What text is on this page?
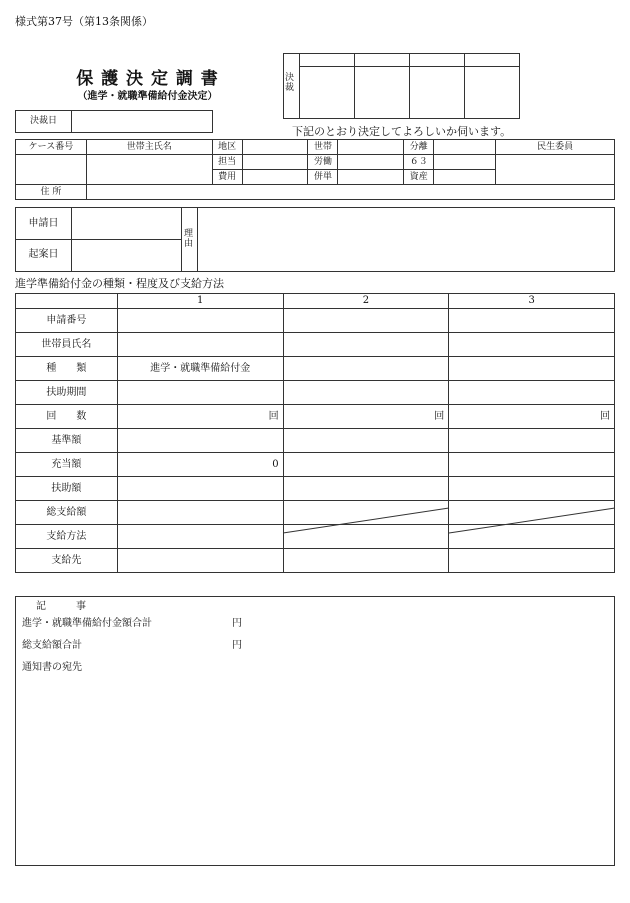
様式第37号（第13条関係）
保 護 決 定 調 書
（進学・就職準備給付金決定）
決裁
決裁日
下記のとおり決定してよろしいか伺います。
ケース番号	世帯主氏名	地区		世帯		分離		民生委員
		担当		労働		６３		
		費用		併単		資産		
住 所								
申請日
起案日
理由
進学準備給付金の種類・程度及び支給方法
	1	2	3
申請番号			
世帯員氏名			
種　　類	進学・就職準備給付金		
扶助期間			
回　　数	回	回	回
基準額			
充当額	0		
扶助額			
総支給額			
支給方法			
支給先			
記　　　事
進学・就職準備給付金額合計	円
総支給額合計	円
通知書の宛先
